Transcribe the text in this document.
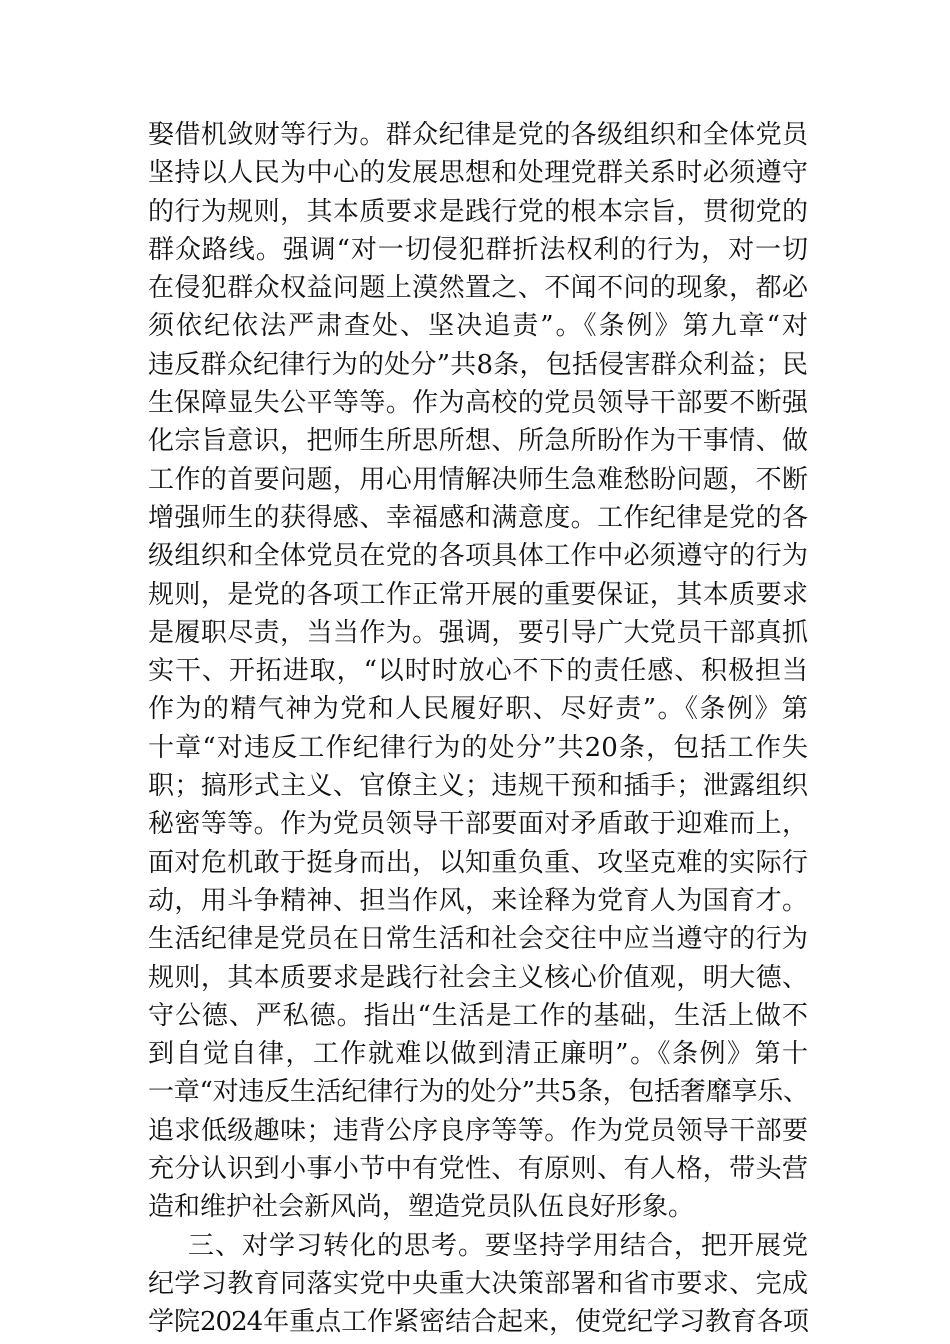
娶借机敛财等行为。群众纪律是党的各级组织和全体党员
坚持以人民为中心的发展思想和处理党群关系时必须遵守
的行为规则，其本质要求是践行党的根本宗旨，贯彻党的
群众路线。强调“对一切侵犯群折法权利的行为，对一切
在侵犯群众权益问题上漠然置之、不闻不问的现象，都必
须依纪依法严肃查处、坚决追责”。《条例》第九章“对
违反群众纪律行为的处分”共8条，包括侵害群众利益；民
生保障显失公平等等。作为高校的党员领导干部要不断强
化宗旨意识，把师生所思所想、所急所盼作为干事情、做
工作的首要问题，用心用情解决师生急难愁盼问题，不断
增强师生的获得感、幸福感和满意度。工作纪律是党的各
级组织和全体党员在党的各项具体工作中必须遵守的行为
规则，是党的各项工作正常开展的重要保证，其本质要求
是履职尽责，当当作为。强调，要引导广大党员干部真抓
实干、开拓进取，“以时时放心不下的责任感、积极担当
作为的精气神为党和人民履好职、尽好责”。《条例》第
十章“对违反工作纪律行为的处分”共20条，包括工作失
职；搞形式主义、官僚主义；违规干预和插手；泄露组织
秘密等等。作为党员领导干部要面对矛盾敢于迎难而上，
面对危机敢于挺身而出，以知重负重、攻坚克难的实际行
动，用斗争精神、担当作风，来诠释为党育人为国育才。
生活纪律是党员在日常生活和社会交往中应当遵守的行为
规则，其本质要求是践行社会主义核心价值观，明大德、
守公德、严私德。指出“生活是工作的基础，生活上做不
到自觉自律，工作就难以做到清正廉明”。《条例》第十
一章“对违反生活纪律行为的处分”共5条，包括奢靡享乐、
追求低级趣味；违背公序良序等等。作为党员领导干部要
充分认识到小事小节中有党性、有原则、有人格，带头营
造和维护社会新风尚，塑造党员队伍良好形象。
三、对学习转化的思考。要坚持学用结合，把开展党
纪学习教育同落实党中央重大决策部署和省市要求、完成
学院2024年重点工作紧密结合起来，使党纪学习教育各项
